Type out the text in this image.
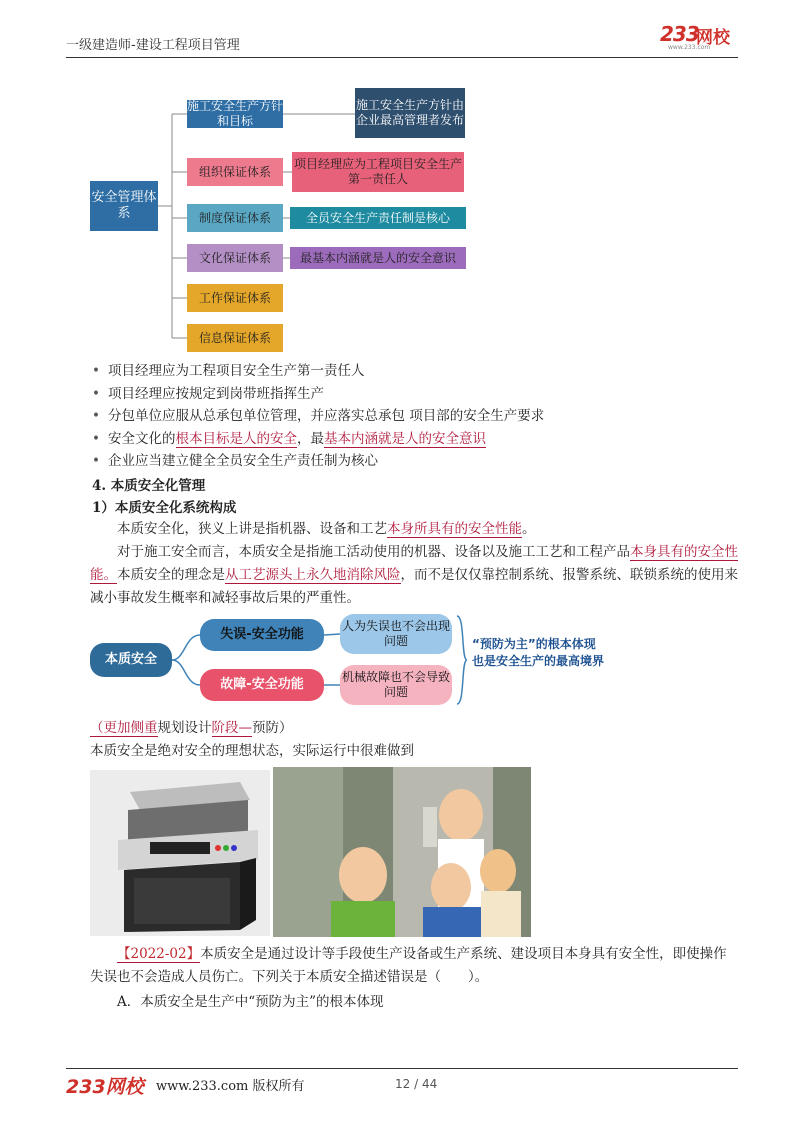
一级建造师-建设工程项目管理	233
网校
www.233.com
安全管理体系
施工安全生产方针和目标
组织保证体系
制度保证体系
文化保证体系
工作保证体系
信息保证体系
施工安全生产方针由企业最高管理者发布
项目经理应为工程项目安全生产第一责任人
全员安全生产责任制是核心
最基本内涵就是人的安全意识
• 项目经理应为工程项目安全生产第一责任人
• 项目经理应按规定到岗带班指挥生产
• 分包单位应服从总承包单位管理，并应落实总承包 项目部的安全生产要求
• 安全文化的根本目标是人的安全，最基本内涵就是人的安全意识
• 企业应当建立健全全员安全生产责任制为核心
4. 本质安全化管理
1）本质安全化系统构成
本质安全化，狭义上讲是指机器、设备和工艺本身所具有的安全性能。
对于施工安全而言，本质安全是指施工活动使用的机器、设备以及施工工艺和工程产品本身具有的安全性能。本质安全的理念是从工艺源头上永久地消除风险，而不是仅仅靠控制系统、报警系统、联锁系统的使用来减小事故发生概率和减轻事故后果的严重性。
本质安全
失误-安全功能
故障-安全功能
人为失误也不会出现问题
机械故障也不会导致问题
“预防为主”的根本体现
也是安全生产的最高境界
（更加侧重规划设计阶段—预防）
本质安全是绝对安全的理想状态，实际运行中很难做到
【2022-02】本质安全是通过设计等手段使生产设备或生产系统、建设项目本身具有安全性，即使操作失误也不会造成人员伤亡。下列关于本质安全描述错误是（　　）。
A．本质安全是生产中“预防为主”的根本体现
233网校 www.233.com 版权所有	12 / 44
